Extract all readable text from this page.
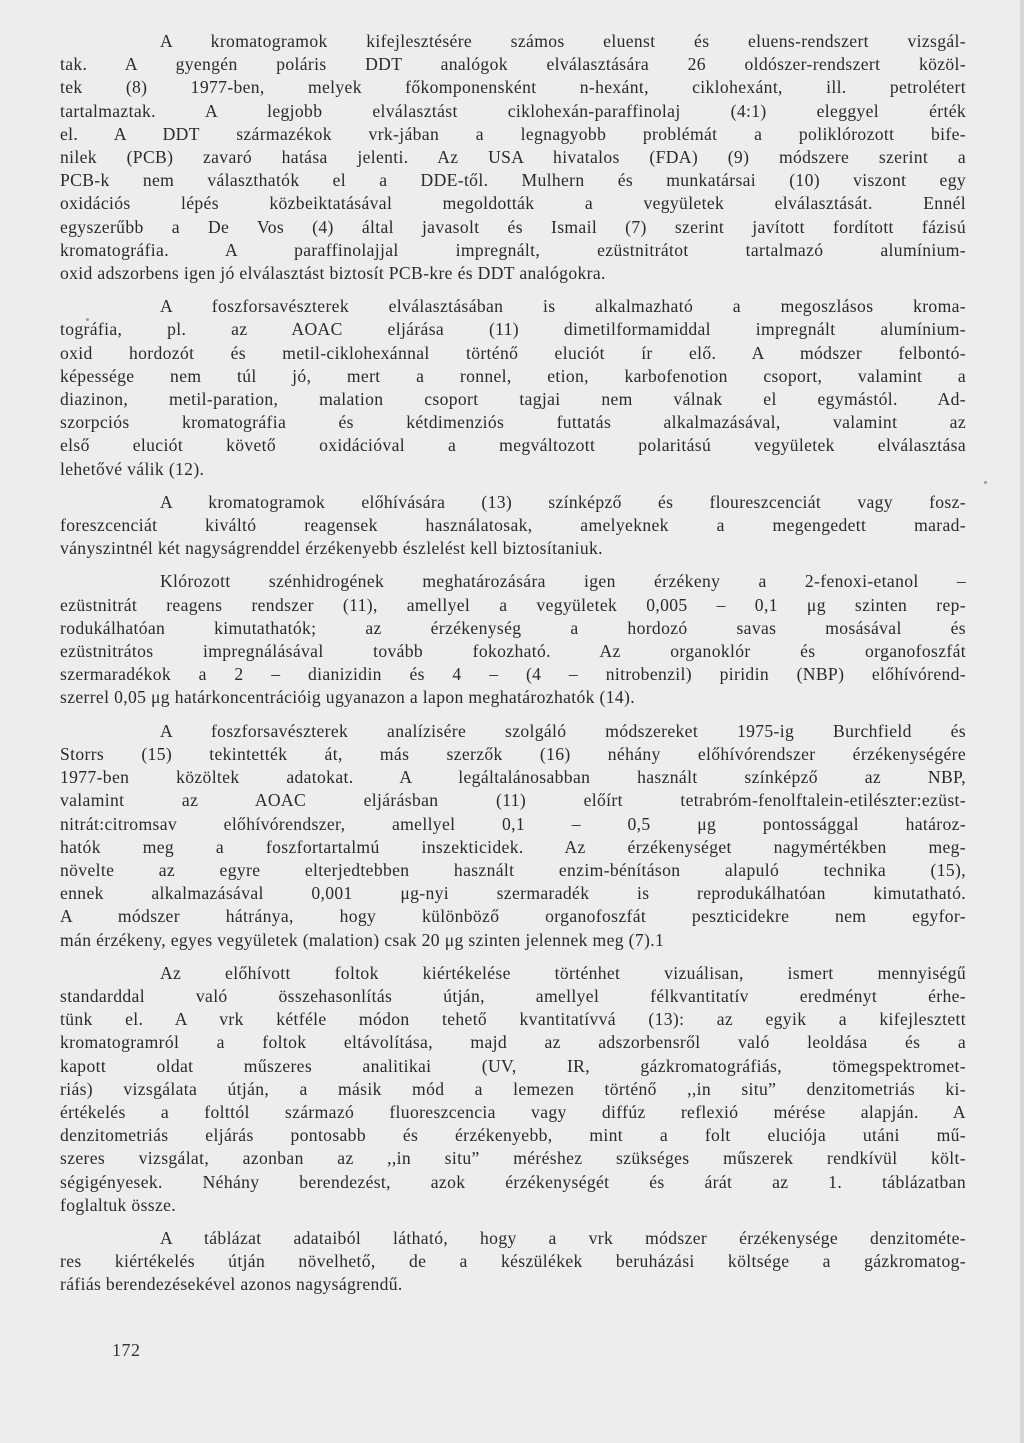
A kromatogramok kifejlesztésére számos eluenst és eluens-rendszert vizsgál-
tak. A gyengén poláris DDT analógok elválasztására 26 oldószer-rendszert közöl-
tek (8) 1977-ben, melyek főkomponensként n-hexánt, ciklohexánt, ill. petrolétert
tartalmaztak. A legjobb elválasztást ciklohexán-paraffinolaj (4:1) eleggyel érték
el. A DDT származékok vrk-jában a legnagyobb problémát a poliklórozott bife-
nilek (PCB) zavaró hatása jelenti. Az USA hivatalos (FDA) (9) módszere szerint a
PCB-k nem választhatók el a DDE-től. Mulhern és munkatársai (10) viszont egy
oxidációs lépés közbeiktatásával megoldották a vegyületek elválasztását. Ennél
egyszerűbb a De Vos (4) által javasolt és Ismail (7) szerint javított fordított fázisú
kromatográfia. A paraffinolajjal impregnált, ezüstnitrátot tartalmazó alumínium-
oxid adszorbens igen jó elválasztást biztosít PCB-kre és DDT analógokra.
A foszforsavészterek elválasztásában is alkalmazható a megoszlásos kroma-
tográfia, pl. az AOAC eljárása (11) dimetilformamiddal impregnált alumínium-
oxid hordozót és metil-ciklohexánnal történő eluciót ír elő. A módszer felbontó-
képessége nem túl jó, mert a ronnel, etion, karbofenotion csoport, valamint a
diazinon, metil-paration, malation csoport tagjai nem válnak el egymástól. Ad-
szorpciós kromatográfia és kétdimenziós futtatás alkalmazásával, valamint az
első eluciót követő oxidációval a megváltozott polaritású vegyületek elválasztása
lehetővé válik (12).
A kromatogramok előhívására (13) színképző és floureszcenciát vagy fosz-
foreszcenciát kiváltó reagensek használatosak, amelyeknek a megengedett marad-
ványszintnél két nagyságrenddel érzékenyebb észlelést kell biztosítaniuk.
Klórozott szénhidrogének meghatározására igen érzékeny a 2-fenoxi-etanol –
ezüstnitrát reagens rendszer (11), amellyel a vegyületek 0,005 – 0,1 μg szinten rep-
rodukálhatóan kimutathatók; az érzékenység a hordozó savas mosásával és
ezüstnitrátos impregnálásával tovább fokozható. Az organoklór és organofoszfát
szermaradékok a 2 – dianizidin és 4 – (4 – nitrobenzil) piridin (NBP) előhívórend-
szerrel 0,05 μg határkoncentrációig ugyanazon a lapon meghatározhatók (14).
A foszforsavészterek analízisére szolgáló módszereket 1975-ig Burchfield és
Storrs (15) tekintették át, más szerzők (16) néhány előhívórendszer érzékenységére
1977-ben közöltek adatokat. A legáltalánosabban használt színképző az NBP,
valamint az AOAC eljárásban (11) előírt tetrabróm-fenolftalein-etilészter:ezüst-
nitrát:citromsav előhívórendszer, amellyel 0,1 – 0,5 μg pontossággal határoz-
hatók meg a foszfortartalmú inszekticidek. Az érzékenységet nagymértékben meg-
növelte az egyre elterjedtebben használt enzim-bénításon alapuló technika (15),
ennek alkalmazásával 0,001 μg-nyi szermaradék is reprodukálhatóan kimutatható.
A módszer hátránya, hogy különböző organofoszfát peszticidekre nem egyfor-
mán érzékeny, egyes vegyületek (malation) csak 20 μg szinten jelennek meg (7).1
Az előhívott foltok kiértékelése történhet vizuálisan, ismert mennyiségű
standarddal való összehasonlítás útján, amellyel félkvantitatív eredményt érhe-
tünk el. A vrk kétféle módon tehető kvantitatívvá (13): az egyik a kifejlesztett
kromatogramról a foltok eltávolítása, majd az adszorbensről való leoldása és a
kapott oldat műszeres analitikai (UV, IR, gázkromatográfiás, tömegspektromet-
riás) vizsgálata útján, a másik mód a lemezen történő ,,in situ” denzitometriás ki-
értékelés a folttól származó fluoreszcencia vagy diffúz reflexió mérése alapján. A
denzitometriás eljárás pontosabb és érzékenyebb, mint a folt eluciója utáni mű-
szeres vizsgálat, azonban az ,,in situ” méréshez szükséges műszerek rendkívül költ-
ségigényesek. Néhány berendezést, azok érzékenységét és árát az 1. táblázatban
foglaltuk össze.
A táblázat adataiból látható, hogy a vrk módszer érzékenysége denzitométe-
res kiértékelés útján növelhető, de a készülékek beruházási költsége a gázkromatog-
ráfiás berendezésekével azonos nagyságrendű.
172
